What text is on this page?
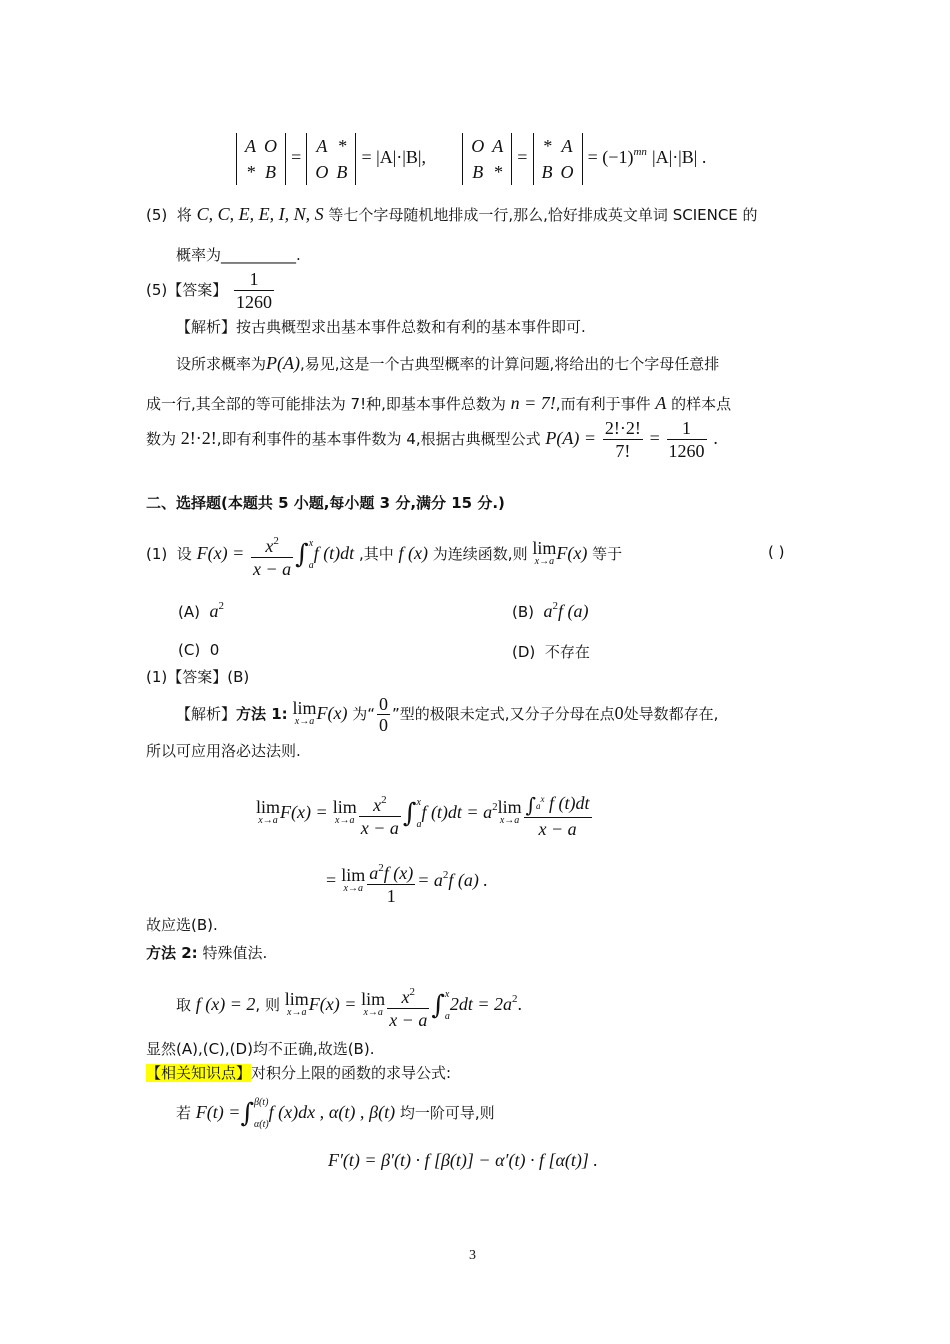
A	O
*	B
=
A	*
O	B
= |A|·|B|,
O	A
B	*
=
*	A
B	O
= $(-1)^{mn}$ |A|·|B| .
(5) 将 C, C, E, E, I, N, S 等七个字母随机地排成一行,那么,恰好排成英文单词 SCIENCE 的
概率为__________.
(5)【答案】 $\frac{1}{1260}$
【解析】按古典概型求出基本事件总数和有利的基本事件即可.
设所求概率为P(A),易见,这是一个古典型概率的计算问题,将给出的七个字母任意排
成一行,其全部的等可能排法为 7!种,即基本事件总数为 n = 7!,而有利于事件 A 的样本点
数为 2!·2!,即有利事件的基本事件数为 4,根据古典概型公式 $P(A) = \frac{2!\cdot 2!}{7!} = \frac{1}{1260}$ .
二、选择题(本题共 5 小题,每小题 3 分,满分 15 分.)
(1) 设 $F(x) = \frac{x^2}{x - a}$ ∫ x
a
f (t)dt ,其中 f (x) 为连续函数,则 lim
x→a F(x) 等于	( )
(A) $a^2$	(B) $a^2f$ (a)
(C) 0	(D) 不存在
(1)【答案】(B)
【解析】方法 1: lim
x→a F(x) 为“ $\frac{0}{0}$ ”型的极限未定式,又分子分母在点0处导数都存在,
所以可应用洛必达法则.
lim
x→a F(x) = lim
$x\to a \frac{x^2}{x - a}$ ∫ x
a
f $(t)dt = a^2$ lim
$x\to a \frac{\int a^x f (t)dt}{x - a}$
= lim
$x\to a \frac{a^2f (x)}{1} = a^2f$ (a) .
故应选(B).
方法 2: 特殊值法.
取 f (x) = 2, 则 lim
x→a F(x) = lim
$x\to a \frac{x^2}{x - a}$ ∫ x
a
$2dt = 2a^2$.
显然(A),(C),(D)均不正确,故选(B).
【相关知识点】对积分上限的函数的求导公式:
若 F(t) =∫ β(t)
α(t)
f (x)dx , α(t) , β(t) 均一阶可导,则
F′(t) = β′(t) · f [β(t)] − α′(t) · f [α(t)] .
3
